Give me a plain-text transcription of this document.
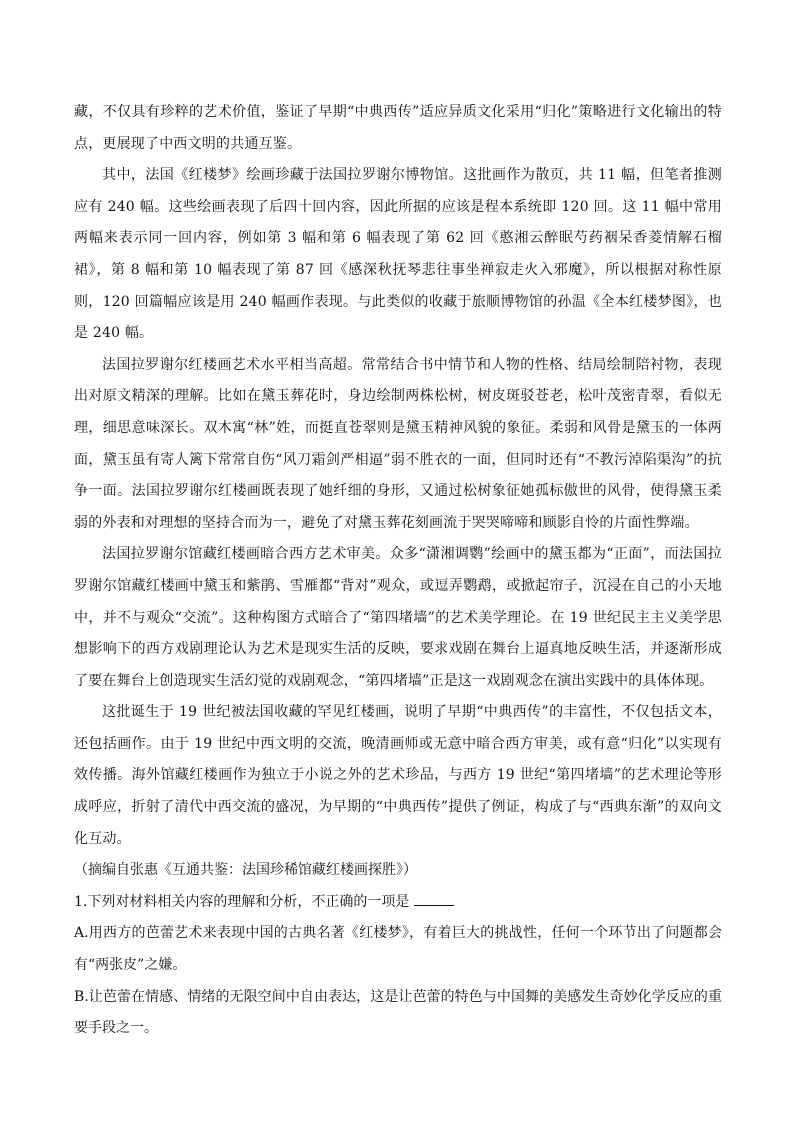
藏，不仅具有珍粹的艺术价值，鉴证了早期“中典西传”适应异质文化采用“归化”策略进行文化输出的特点，更展现了中西文明的共通互鉴。

其中，法国《红楼梦》绘画珍藏于法国拉罗谢尔博物馆。这批画作为散页，共 11 幅，但笔者推测应有 240 幅。这些绘画表现了后四十回内容，因此所据的应该是程本系统即 120 回。这 11 幅中常用两幅来表示同一回内容，例如第 3 幅和第 6 幅表现了第 62 回《憨湘云醉眠芍药裀呆香菱情解石榴裙》，第 8 幅和第 10 幅表现了第 87 回《感深秋抚琴悲往事坐禅寂走火入邪魔》，所以根据对称性原则，120 回篇幅应该是用 240 幅画作表现。与此类似的收藏于旅顺博物馆的孙温《全本红楼梦图》，也是 240 幅。

法国拉罗谢尔红楼画艺术水平相当高超。常常结合书中情节和人物的性格、结局绘制陪衬物，表现出对原文精深的理解。比如在黛玉葬花时，身边绘制两株松树，树皮斑驳苍老，松叶茂密青翠，看似无理，细思意味深长。双木寓“林”姓，而挺直苍翠则是黛玉精神风貌的象征。柔弱和风骨是黛玉的一体两面，黛玉虽有寄人篱下常常自伤“风刀霜剑严相逼”弱不胜衣的一面，但同时还有“不教污淖陷渠沟”的抗争一面。法国拉罗谢尔红楼画既表现了她纤细的身形，又通过松树象征她孤标傲世的风骨，使得黛玉柔弱的外表和对理想的坚持合而为一，避免了对黛玉葬花刻画流于哭哭啼啼和顾影自怜的片面性弊端。

法国拉罗谢尔馆藏红楼画暗合西方艺术审美。众多“潇湘调鹦”绘画中的黛玉都为“正面”，而法国拉罗谢尔馆藏红楼画中黛玉和紫鹃、雪雁都“背对”观众，或逗弄鹦鹉，或掀起帘子，沉浸在自己的小天地中，并不与观众“交流”。这种构图方式暗合了“第四堵墙”的艺术美学理论。在 19 世纪民主主义美学思想影响下的西方戏剧理论认为艺术是现实生活的反映，要求戏剧在舞台上逼真地反映生活，并逐渐形成了要在舞台上创造现实生活幻觉的戏剧观念，“第四堵墙”正是这一戏剧观念在演出实践中的具体体现。

这批诞生于 19 世纪被法国收藏的罕见红楼画，说明了早期“中典西传”的丰富性，不仅包括文本，还包括画作。由于 19 世纪中西文明的交流，晚清画师或无意中暗合西方审美，或有意“归化”以实现有效传播。海外馆藏红楼画作为独立于小说之外的艺术珍品，与西方 19 世纪“第四堵墙”的艺术理论等形成呼应，折射了清代中西交流的盛况，为早期的“中典西传”提供了例证，构成了与“西典东渐”的双向文化互动。

（摘编自张惠《互通共鉴：法国珍稀馆藏红楼画探胜》）

1.下列对材料相关内容的理解和分析，不正确的一项是

A.用西方的芭蕾艺术来表现中国的古典名著《红楼梦》，有着巨大的挑战性，任何一个环节出了问题都会有“两张皮”之嫌。

B.让芭蕾在情感、情绪的无限空间中自由表达，这是让芭蕾的特色与中国舞的美感发生奇妙化学反应的重要手段之一。
